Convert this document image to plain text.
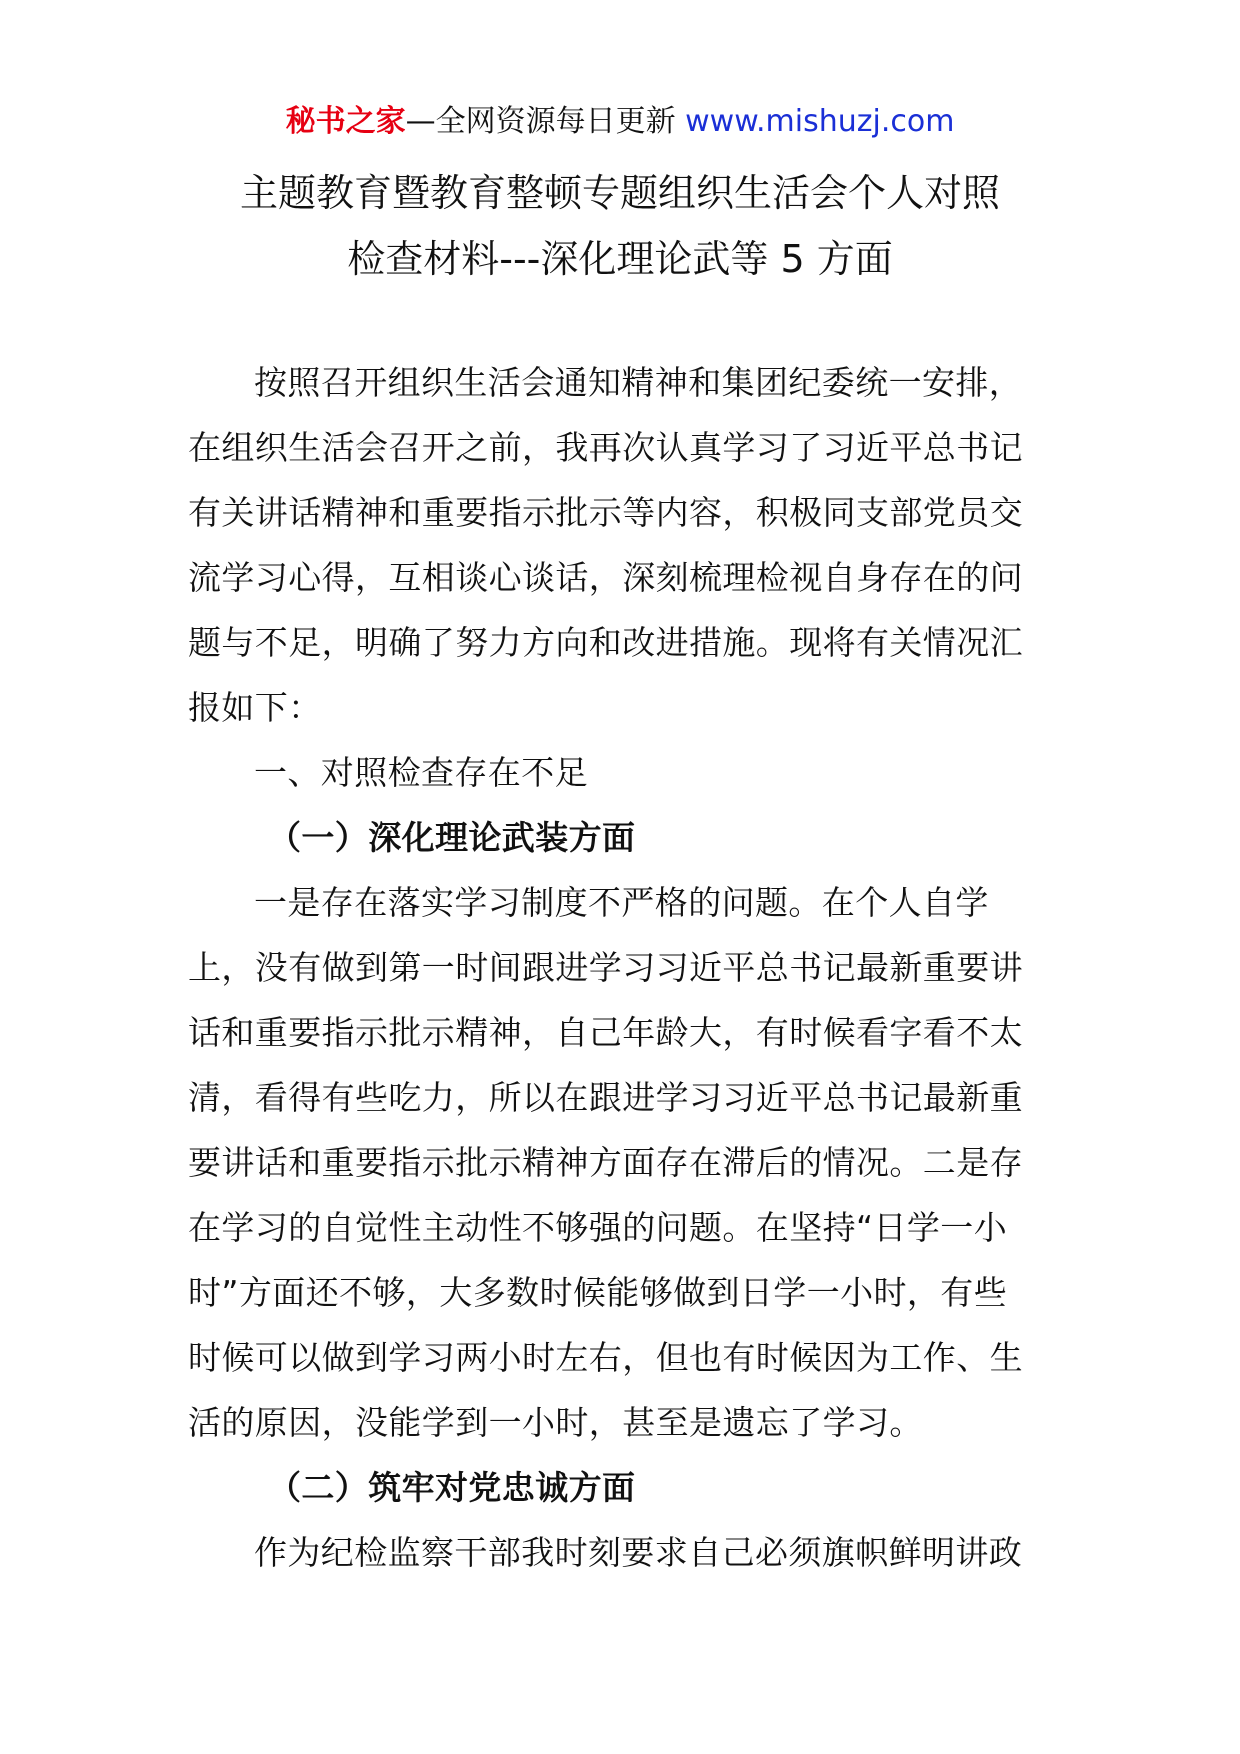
秘书之家—全网资源每日更新 www.mishuzj.com
主题教育暨教育整顿专题组织生活会个人对照
检查材料---深化理论武等 5 方面
按照召开组织生活会通知精神和集团纪委统一安排，
在组织生活会召开之前，我再次认真学习了习近平总书记
有关讲话精神和重要指示批示等内容，积极同支部党员交
流学习心得，互相谈心谈话，深刻梳理检视自身存在的问
题与不足，明确了努力方向和改进措施。现将有关情况汇
报如下：
一、对照检查存在不足
（一）深化理论武装方面
一是存在落实学习制度不严格的问题。在个人自学
上，没有做到第一时间跟进学习习近平总书记最新重要讲
话和重要指示批示精神，自己年龄大，有时候看字看不太
清，看得有些吃力，所以在跟进学习习近平总书记最新重
要讲话和重要指示批示精神方面存在滞后的情况。二是存
在学习的自觉性主动性不够强的问题。在坚持“日学一小
时”方面还不够，大多数时候能够做到日学一小时，有些
时候可以做到学习两小时左右，但也有时候因为工作、生
活的原因，没能学到一小时，甚至是遗忘了学习。
（二）筑牢对党忠诚方面
作为纪检监察干部我时刻要求自己必须旗帜鲜明讲政
